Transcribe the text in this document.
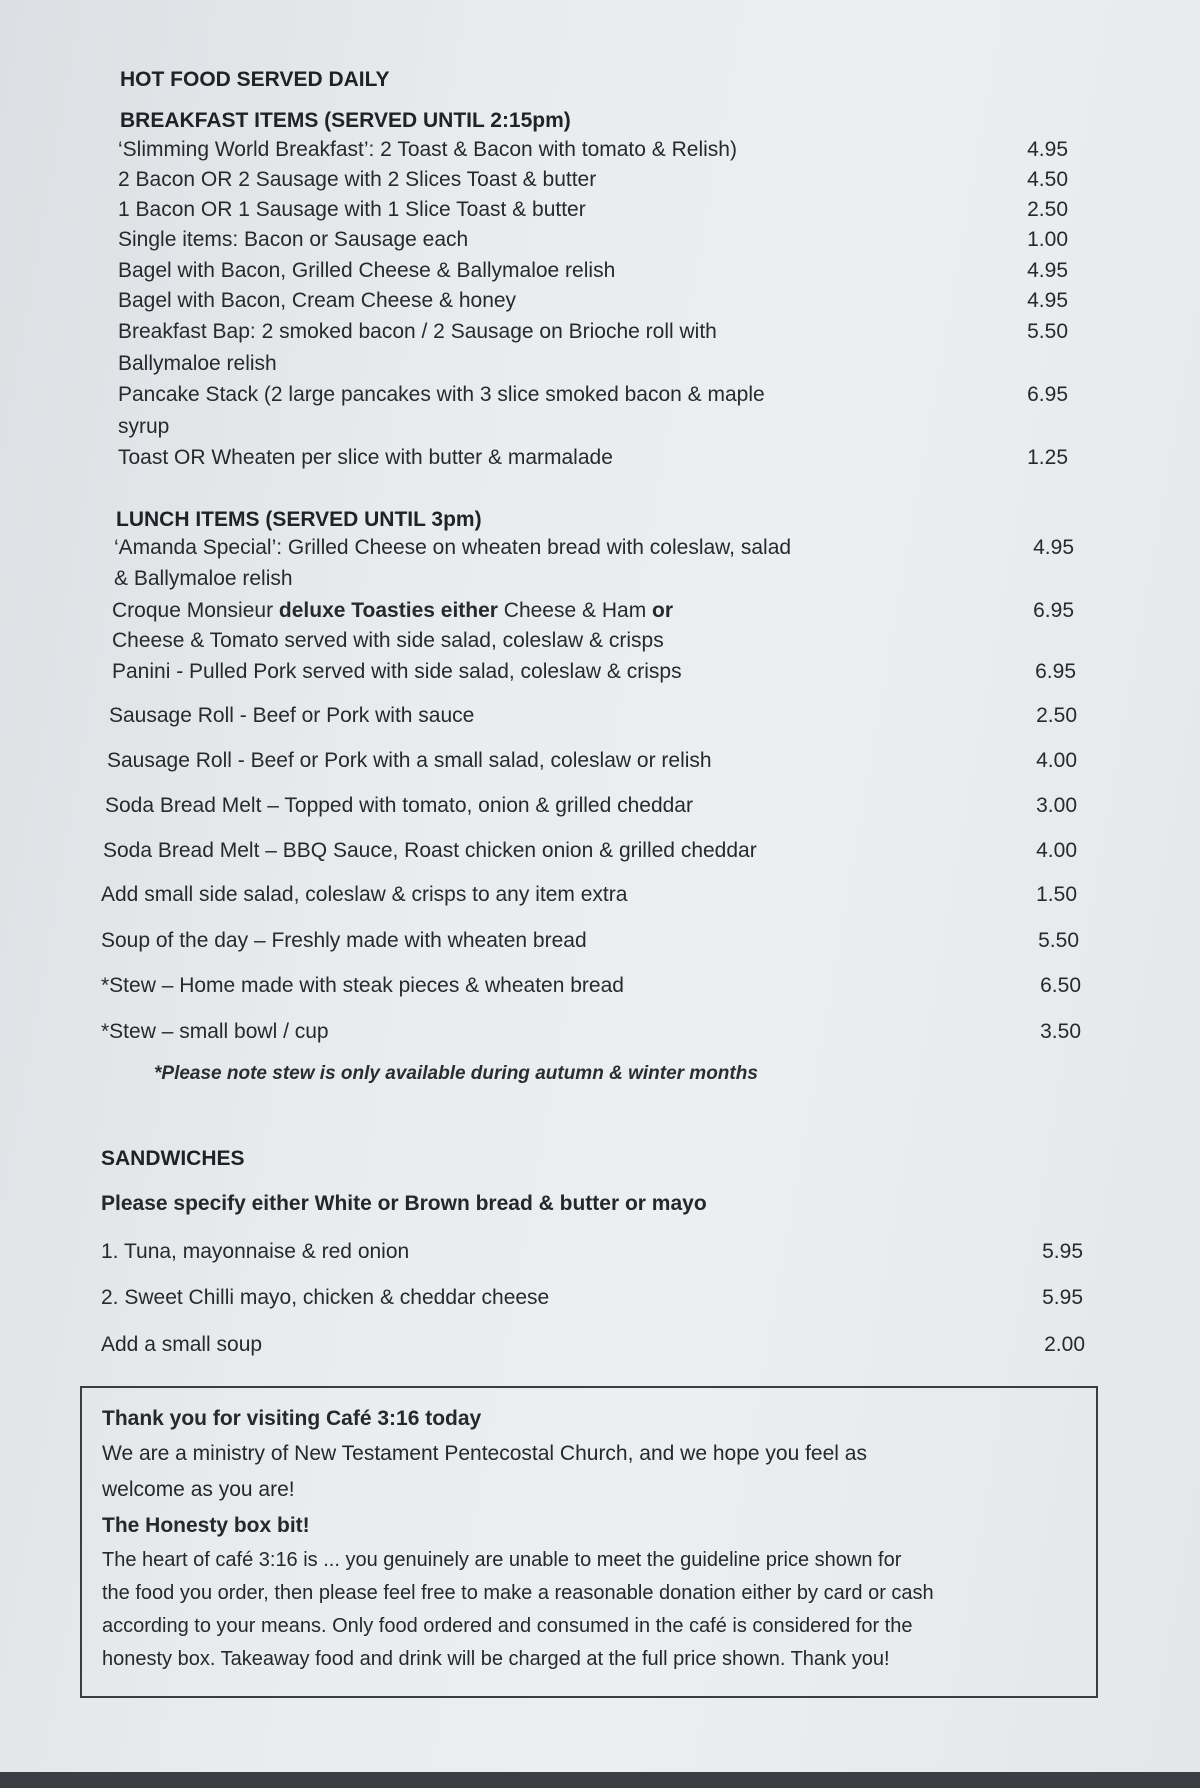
HOT FOOD SERVED DAILY
BREAKFAST ITEMS (SERVED UNTIL 2:15pm)
‘Slimming World Breakfast’: 2 Toast & Bacon with tomato & Relish)	4.95
2 Bacon OR 2 Sausage with 2 Slices Toast & butter	4.50
1 Bacon OR 1 Sausage with 1 Slice Toast & butter	2.50
Single items: Bacon or Sausage each	1.00
Bagel with Bacon, Grilled Cheese & Ballymaloe relish	4.95
Bagel with Bacon, Cream Cheese & honey	4.95
Breakfast Bap: 2 smoked bacon / 2 Sausage on Brioche roll with	5.50
Ballymaloe relish
Pancake Stack (2 large pancakes with 3 slice smoked bacon & maple	6.95
syrup
Toast OR Wheaten per slice with butter & marmalade	1.25
LUNCH ITEMS (SERVED UNTIL 3pm)
‘Amanda Special’: Grilled Cheese on wheaten bread with coleslaw, salad	4.95
& Ballymaloe relish
Croque Monsieur deluxe Toasties either Cheese & Ham or	6.95
Cheese & Tomato served with side salad, coleslaw & crisps
Panini - Pulled Pork served with side salad, coleslaw & crisps	6.95
Sausage Roll - Beef or Pork with sauce	2.50
Sausage Roll - Beef or Pork with a small salad, coleslaw or relish	4.00
Soda Bread Melt – Topped with tomato, onion & grilled cheddar	3.00
Soda Bread Melt – BBQ Sauce, Roast chicken onion & grilled cheddar	4.00
Add small side salad, coleslaw & crisps to any item extra	1.50
Soup of the day – Freshly made with wheaten bread	5.50
*Stew – Home made with steak pieces & wheaten bread	6.50
*Stew – small bowl / cup	3.50
*Please note stew is only available during autumn & winter months
SANDWICHES
Please specify either White or Brown bread & butter or mayo
1. Tuna, mayonnaise & red onion	5.95
2. Sweet Chilli mayo, chicken & cheddar cheese	5.95
Add a small soup	2.00
Thank you for visiting Café 3:16 today
We are a ministry of New Testament Pentecostal Church, and we hope you feel as
welcome as you are!
The Honesty box bit!
The heart of café 3:16 is ... you genuinely are unable to meet the guideline price shown for
the food you order, then please feel free to make a reasonable donation either by card or cash
according to your means. Only food ordered and consumed in the café is considered for the
honesty box. Takeaway food and drink will be charged at the full price shown. Thank you!
